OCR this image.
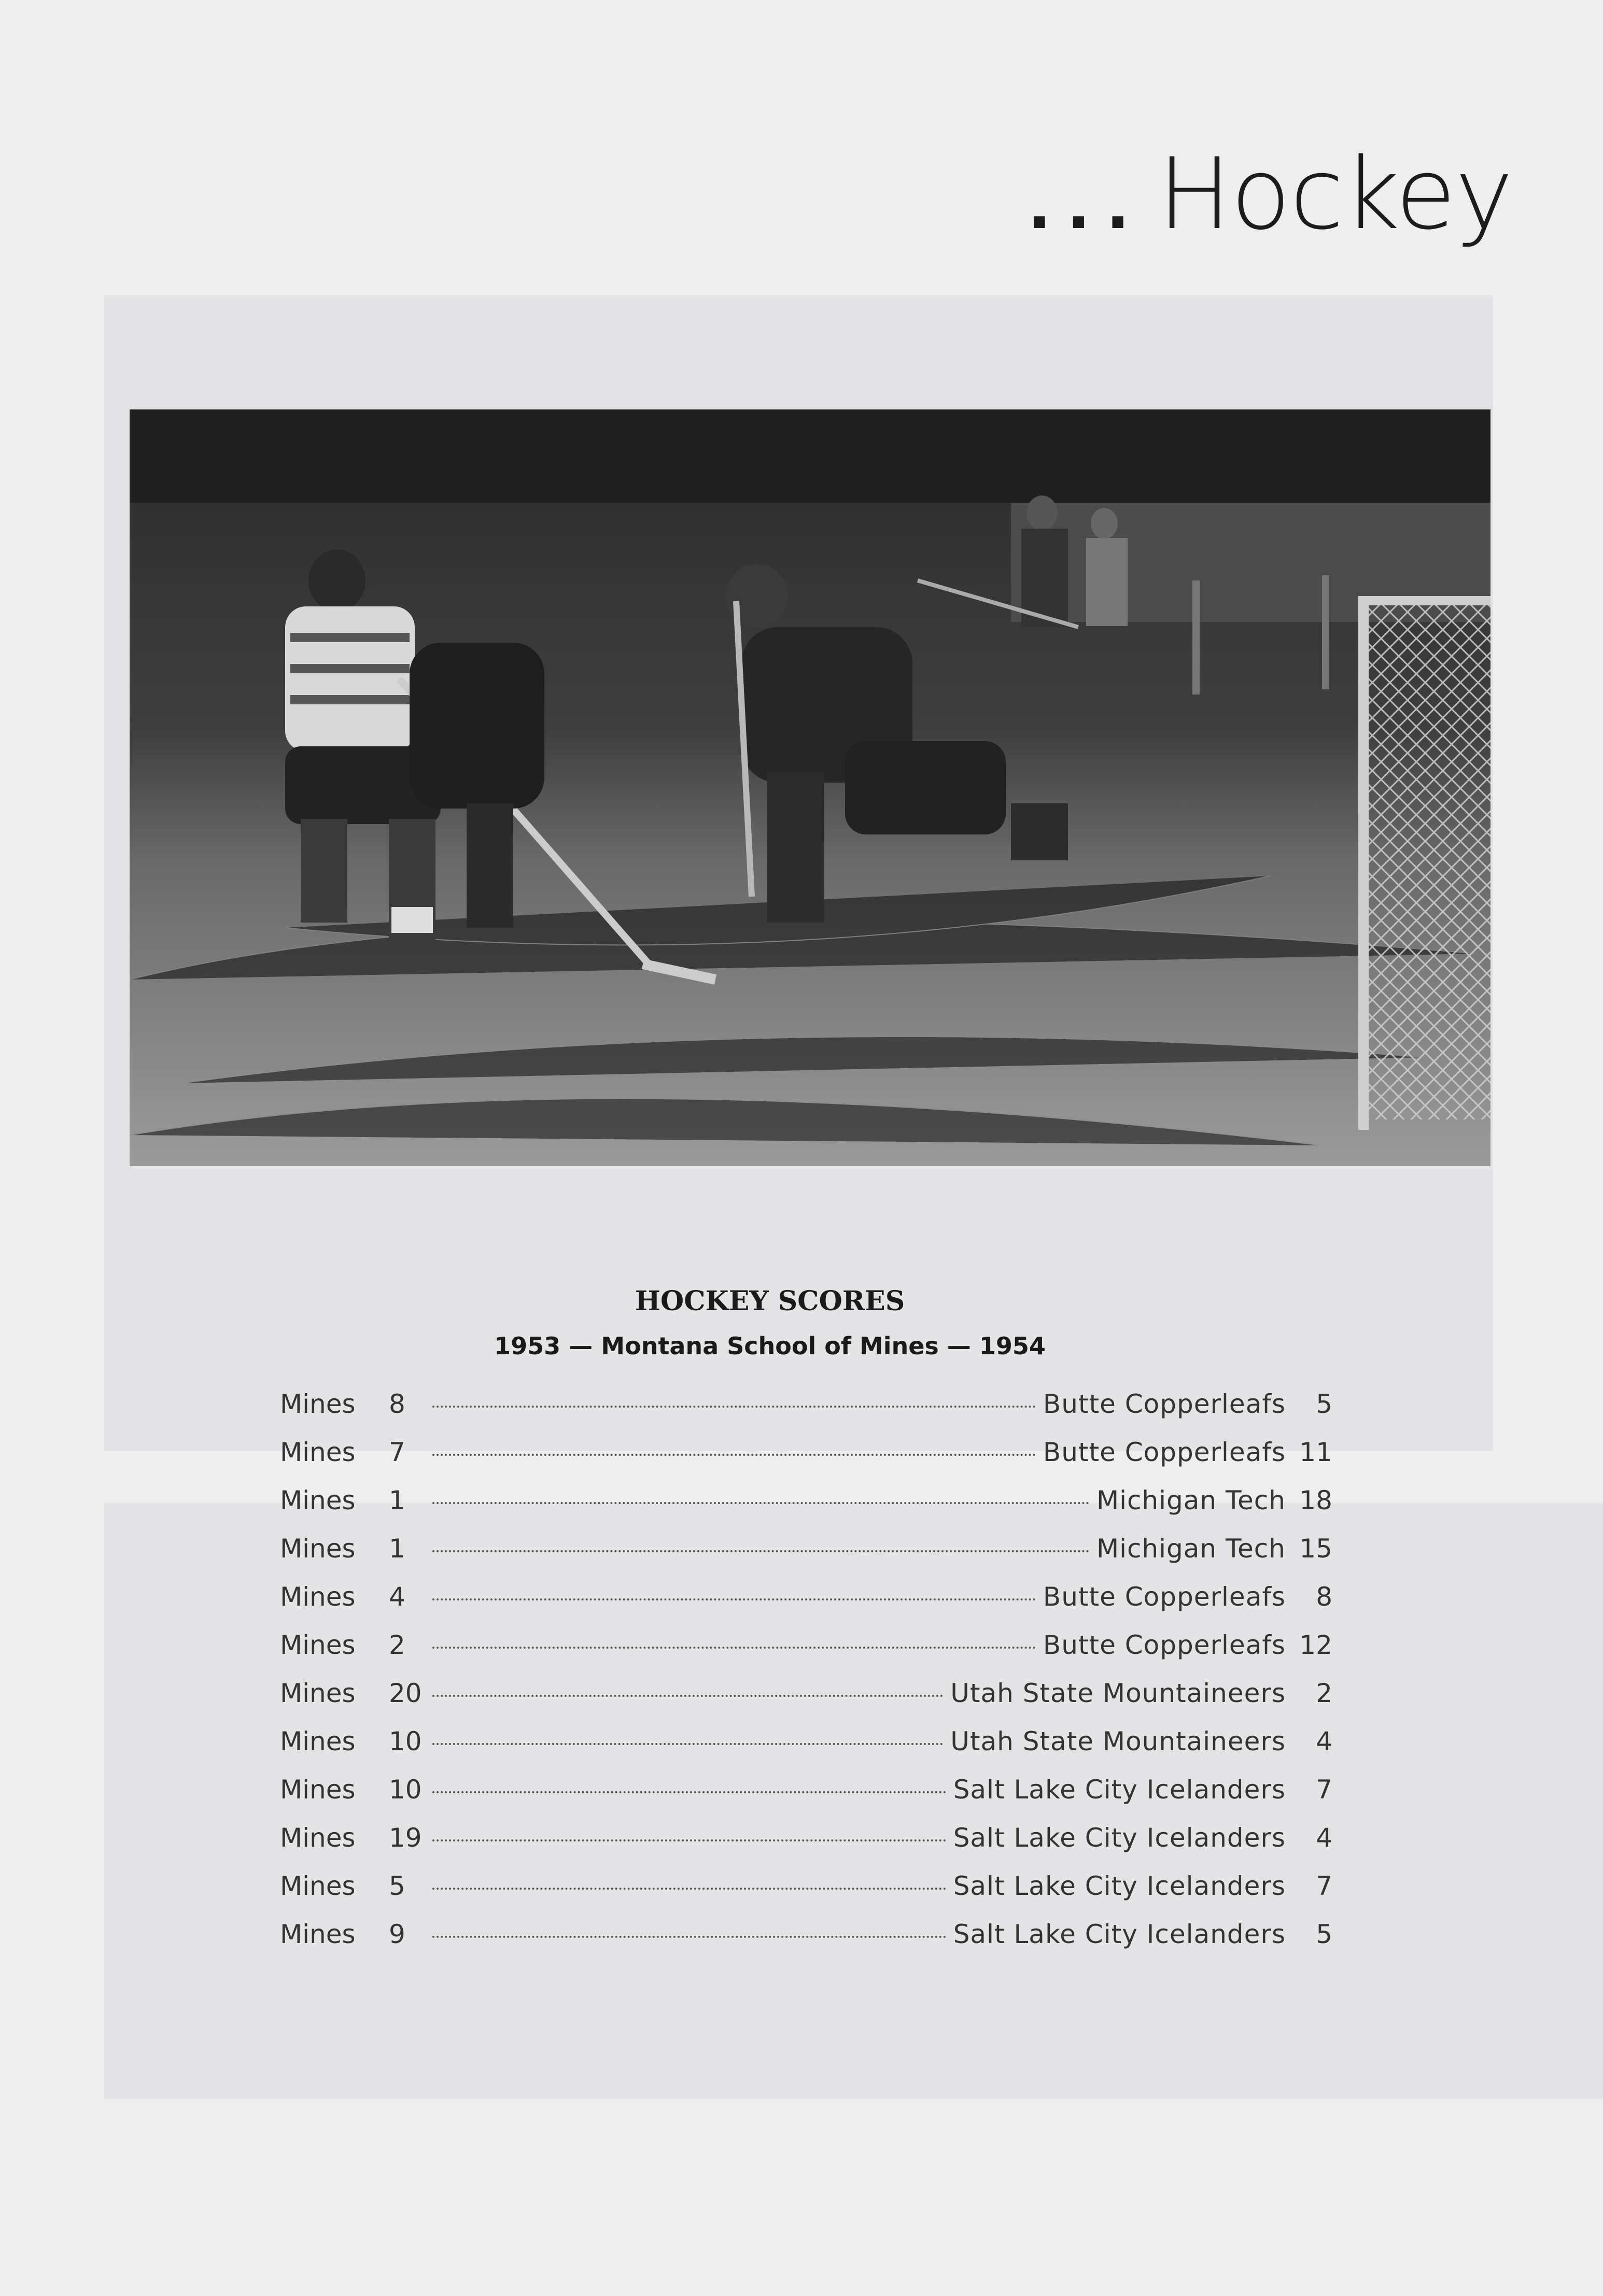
... Hockey
HOCKEY SCORES
1953 — Montana School of Mines — 1954
Mines	8	Butte Copperleafs	5
Mines	7	Butte Copperleafs 11
Mines	1	Michigan Tech 18
Mines	1	Michigan Tech 15
Mines	4	Butte Copperleafs	8
Mines	2	Butte Copperleafs 12
Mines	20	Utah State Mountaineers	2
Mines	10	Utah State Mountaineers	4
Mines	10	Salt Lake City Icelanders	7
Mines	19	Salt Lake City Icelanders	4
Mines	5	Salt Lake City Icelanders	7
Mines	9	Salt Lake City Icelanders	5
